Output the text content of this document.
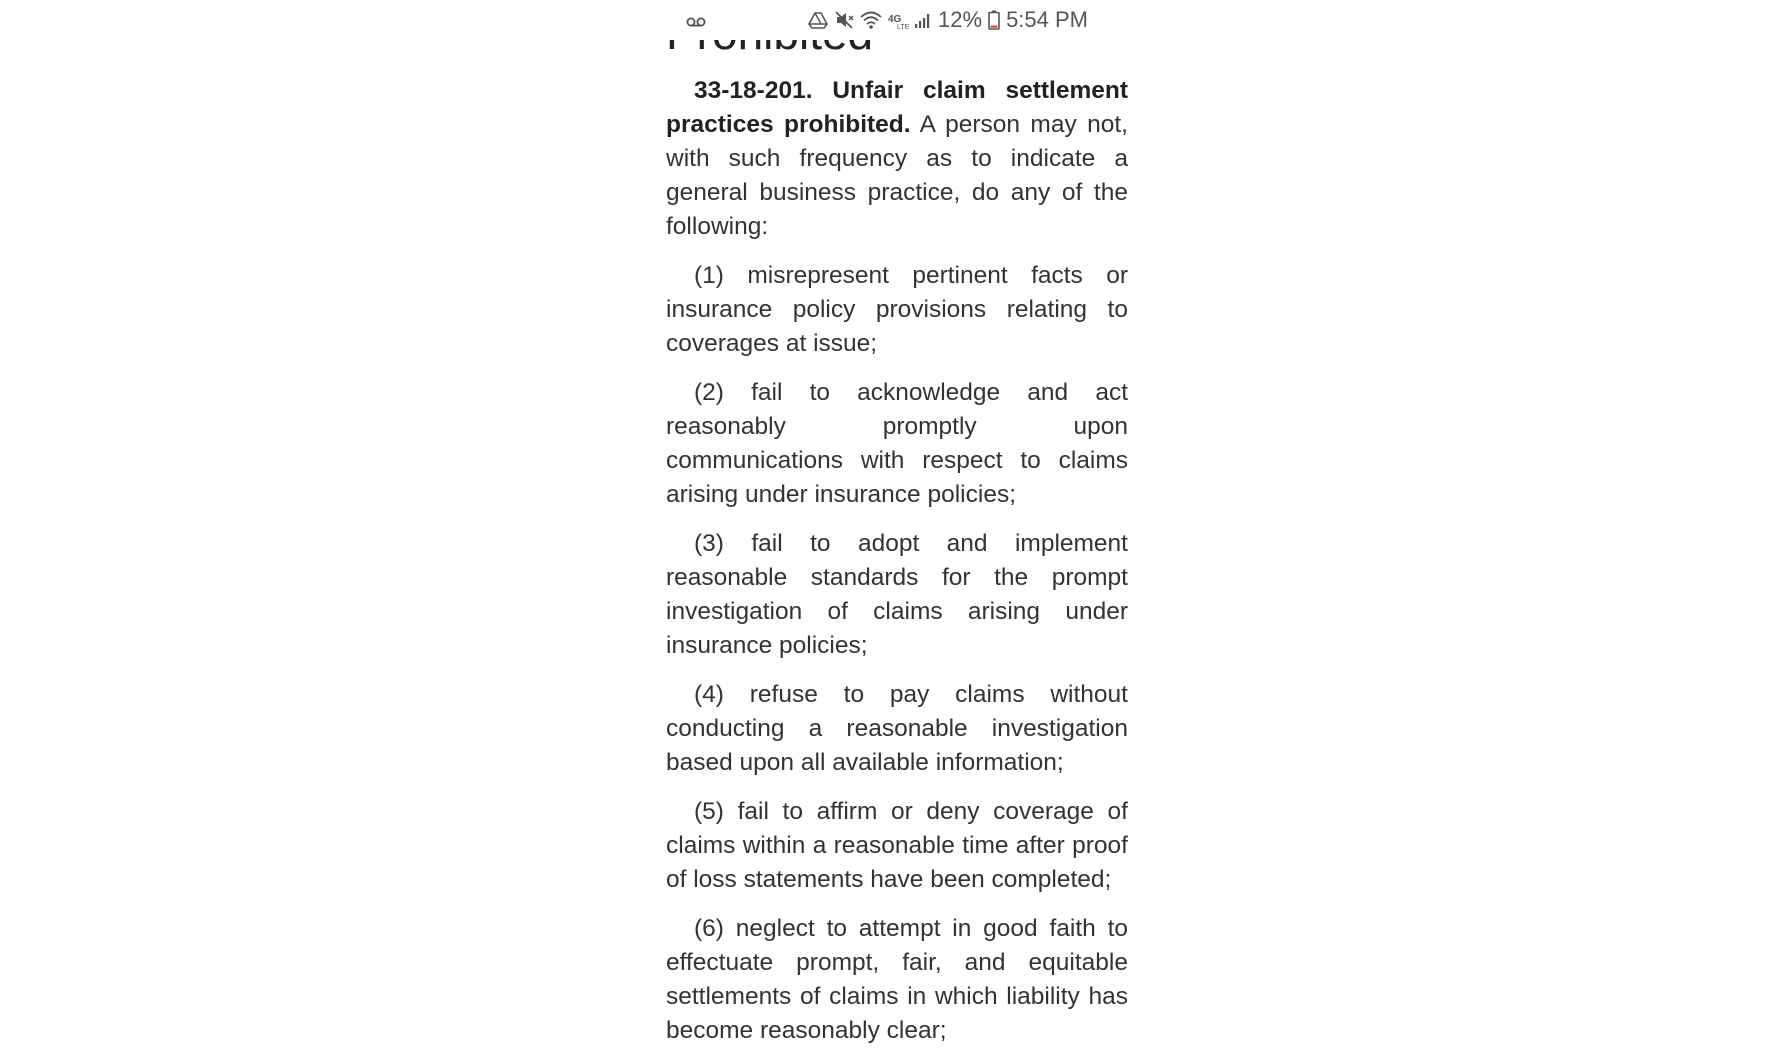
4G
LTE 12% 5:54 PM

33-18-201. Unfair claim settlement practices prohibited. A person may not, with such frequency as to indicate a general business practice, do any of the following:

(1) misrepresent pertinent facts or insurance policy provisions relating to coverages at issue;

(2) fail to acknowledge and act reasonably promptly upon communications with respect to claims arising under insurance policies;

(3) fail to adopt and implement reasonable standards for the prompt investigation of claims arising under insurance policies;

(4) refuse to pay claims without conducting a reasonable investigation based upon all available information;

(5) fail to affirm or deny coverage of claims within a reasonable time after proof of loss statements have been completed;

(6) neglect to attempt in good faith to effectuate prompt, fair, and equitable settlements of claims in which liability has become reasonably clear;
